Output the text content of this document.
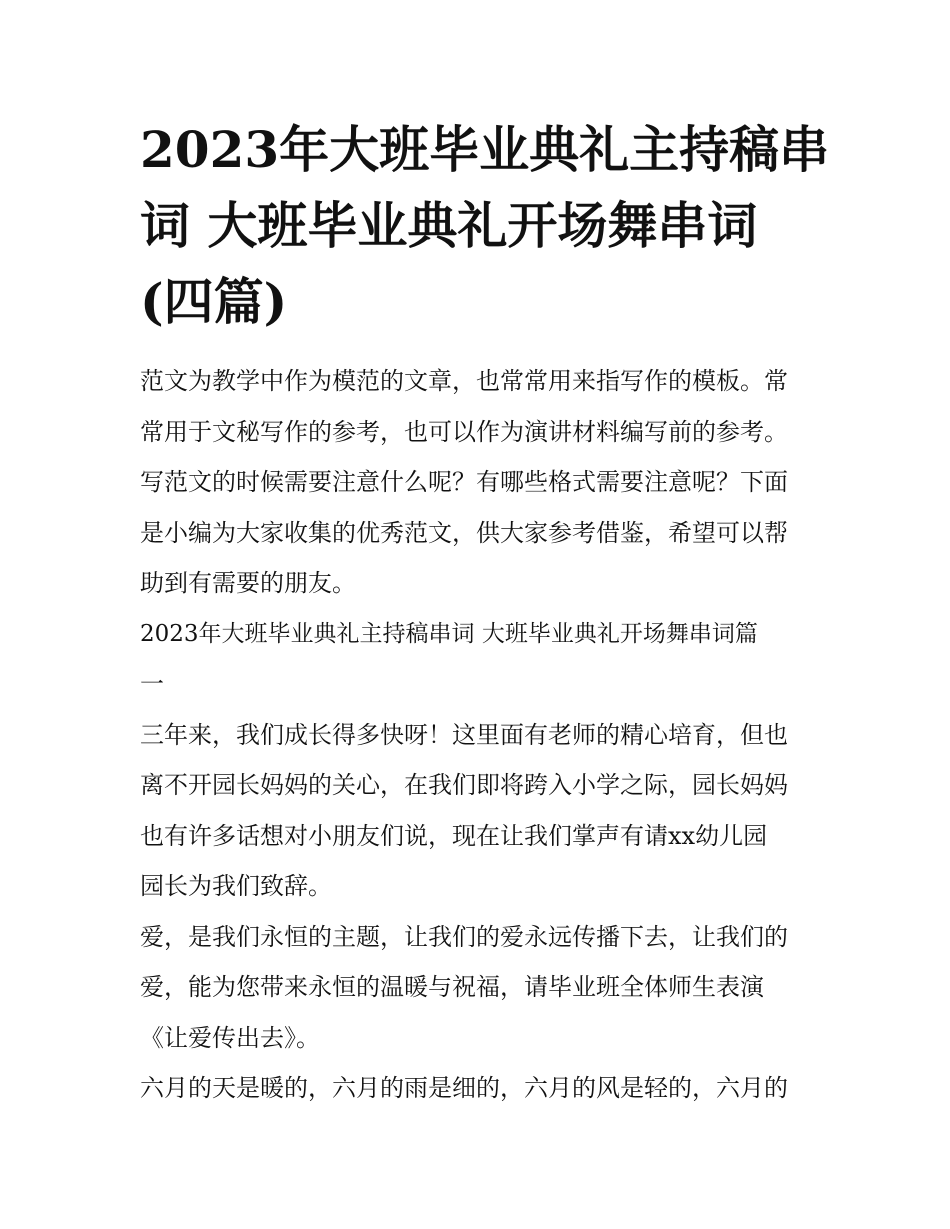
2023年大班毕业典礼主持稿串
词 大班毕业典礼开场舞串词
(四篇)
范文为教学中作为模范的文章，也常常用来指写作的模板。常
常用于文秘写作的参考，也可以作为演讲材料编写前的参考。
写范文的时候需要注意什么呢？有哪些格式需要注意呢？下面
是小编为大家收集的优秀范文，供大家参考借鉴，希望可以帮
助到有需要的朋友。
2023年大班毕业典礼主持稿串词 大班毕业典礼开场舞串词篇
一
三年来，我们成长得多快呀！这里面有老师的精心培育，但也
离不开园长妈妈的关心，在我们即将跨入小学之际，园长妈妈
也有许多话想对小朋友们说，现在让我们掌声有请xx幼儿园
园长为我们致辞。
爱，是我们永恒的主题，让我们的爱永远传播下去，让我们的
爱，能为您带来永恒的温暖与祝福，请毕业班全体师生表演
《让爱传出去》。
六月的天是暖的，六月的雨是细的，六月的风是轻的，六月的
